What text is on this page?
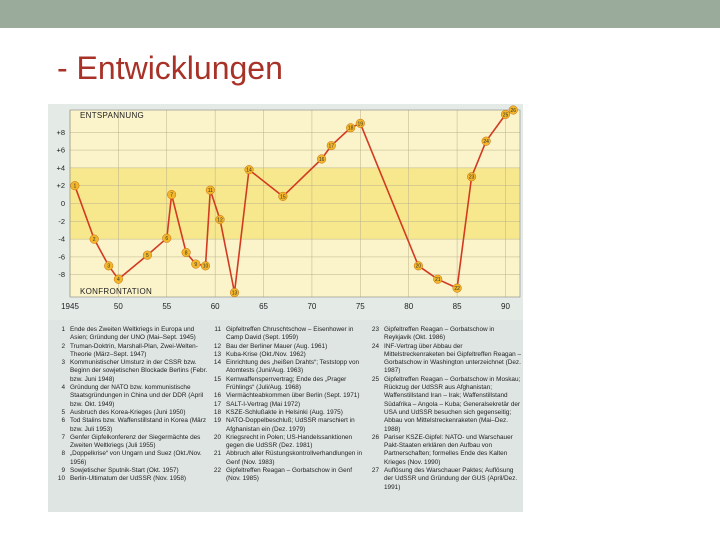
- Entwicklungen
+8
+6
+4
+2
0
-2
-4
-6
-8
1945	50	55	60	65	70	75	80	85	90
ENTSPANNUNG
KONFRONTATION
1
2
3
4
5
6
7
8
9 10
11
12
13
14
15
16
17
18
19
20
21
22
23
24
25
26
1 Ende des Zweiten Weltkriegs in Europa und Asien; Gründung der UNO (Mai–Sept. 1945)
2 Truman-Doktrin, Marshall-Plan, Zwei-Welten-Theorie (März–Sept. 1947)
3 Kommunistischer Umsturz in der CSSR bzw. Beginn der sowjetischen Blockade Berlins (Febr. bzw. Juni 1948)
4 Gründung der NATO bzw. kommunistische Staatsgründungen in China und der DDR (April bzw. Okt. 1949)
5 Ausbruch des Korea-Krieges (Juni 1950)
6 Tod Stalins bzw. Waffenstillstand in Korea (März bzw. Juli 1953)
7 Genfer Gipfelkonferenz der Siegermächte des Zweiten Weltkriegs (Juli 1955)
8 „Doppelkrise“ von Ungarn und Suez (Okt./Nov. 1956)
9 Sowjetischer Sputnik-Start (Okt. 1957)
10 Berlin-Ultimatum der UdSSR (Nov. 1958)
11 Gipfeltreffen Chruschtschow – Eisenhower in Camp David (Sept. 1959)
12 Bau der Berliner Mauer (Aug. 1961)
13 Kuba-Krise (Okt./Nov. 1962)
14 Einrichtung des „heißen Drahts“; Teststopp von Atomtests (Juni/Aug. 1963)
15 Kernwaffensperrvertrag; Ende des „Prager Frühlings“ (Juli/Aug. 1968)
16 Viermächteabkommen über Berlin (Sept. 1971)
17 SALT-I-Vertrag (Mai 1972)
18 KSZE-Schlußakte in Helsinki (Aug. 1975)
19 NATO-Doppelbeschluß; UdSSR marschiert in Afghanistan ein (Dez. 1979)
20 Kriegsrecht in Polen; US-Handelssanktionen gegen die UdSSR (Dez. 1981)
21 Abbruch aller Rüstungskontrollverhandlungen in Genf (Nov. 1983)
22 Gipfeltreffen Reagan – Gorbatschow in Genf (Nov. 1985)
23 Gipfeltreffen Reagan – Gorbatschow in Reykjavik (Okt. 1986)
24 INF-Vertrag über Abbau der Mittelstreckenraketen bei Gipfeltreffen Reagan – Gorbatschow in Washington unterzeichnet (Dez. 1987)
25 Gipfeltreffen Reagan – Gorbatschow in Moskau; Rückzug der UdSSR aus Afghanistan; Waffenstillstand Iran – Irak; Waffenstillstand Südafrika – Angola – Kuba; Generalsekretär der USA und UdSSR besuchen sich gegenseitig; Abbau von Mittelstreckenraketen (Mai–Dez. 1988)
26 Pariser KSZE-Gipfel: NATO- und Warschauer Pakt-Staaten erklären den Aufbau von Partnerschaften; formelles Ende des Kalten Krieges (Nov. 1990)
27 Auflösung des Warschauer Paktes; Auflösung der UdSSR und Gründung der GUS (April/Dez. 1991)
